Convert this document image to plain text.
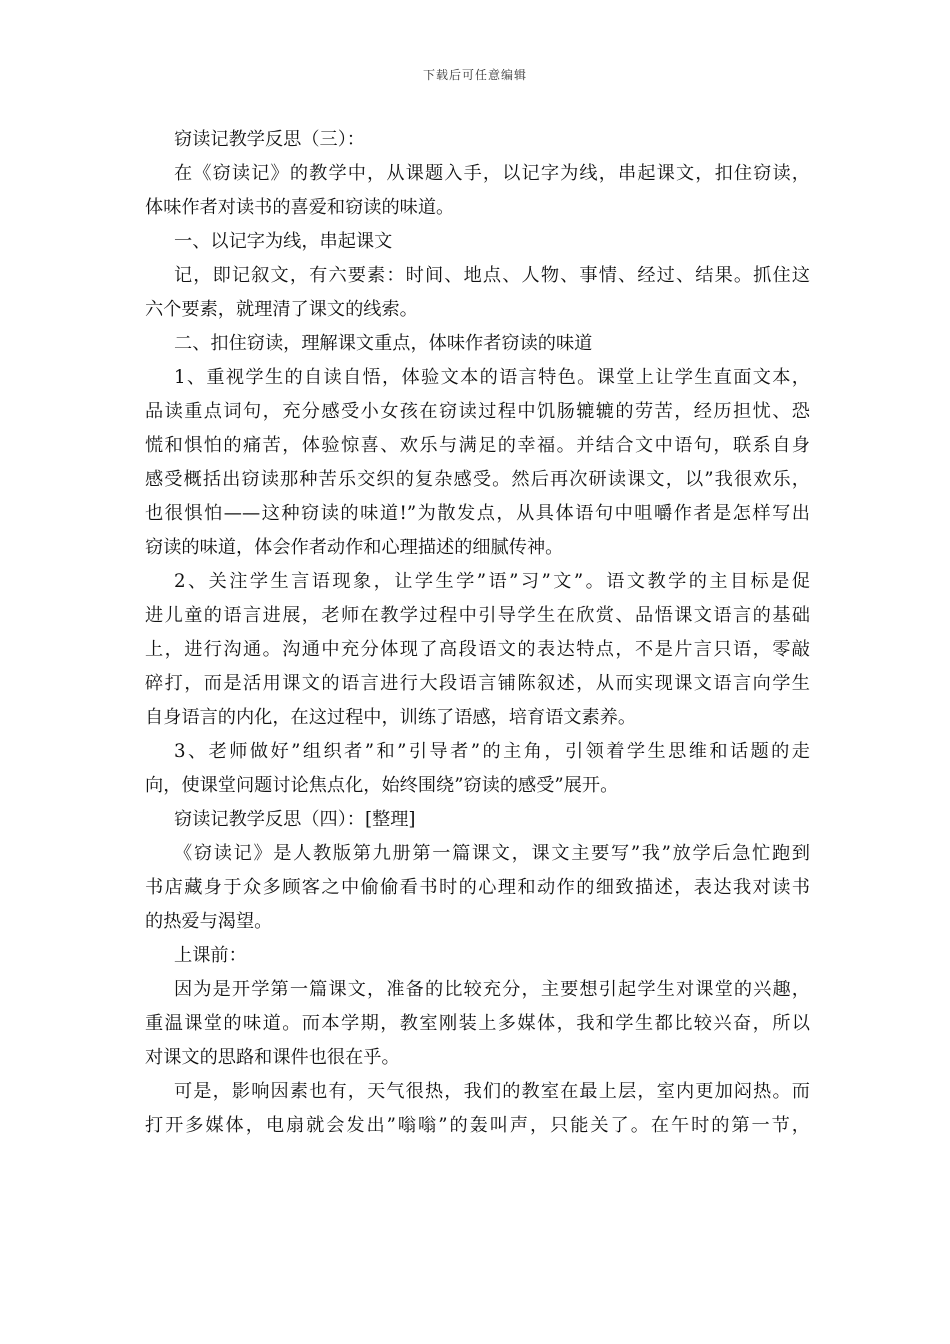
下载后可任意编辑
窃读记教学反思（三）：
在《窃读记》的教学中，从课题入手，以记字为线，串起课文，扣住窃读，
体味作者对读书的喜爱和窃读的味道。
一、以记字为线，串起课文
记，即记叙文，有六要素：时间、地点、人物、事情、经过、结果。抓住这
六个要素，就理清了课文的线索。
二、扣住窃读，理解课文重点，体味作者窃读的味道
1、重视学生的自读自悟，体验文本的语言特色。课堂上让学生直面文本，
品读重点词句，充分感受小女孩在窃读过程中饥肠辘辘的劳苦，经历担忧、恐
慌和惧怕的痛苦，体验惊喜、欢乐与满足的幸福。并结合文中语句，联系自身
感受概括出窃读那种苦乐交织的复杂感受。然后再次研读课文，以”我很欢乐，
也很惧怕——这种窃读的味道!”为散发点，从具体语句中咀嚼作者是怎样写出
窃读的味道，体会作者动作和心理描述的细腻传神。
2、关注学生言语现象，让学生学”语”习”文”。语文教学的主目标是促
进儿童的语言进展，老师在教学过程中引导学生在欣赏、品悟课文语言的基础
上，进行沟通。沟通中充分体现了高段语文的表达特点，不是片言只语，零敲
碎打，而是活用课文的语言进行大段语言铺陈叙述，从而实现课文语言向学生
自身语言的内化，在这过程中，训练了语感，培育语文素养。
3、老师做好”组织者”和”引导者”的主角，引领着学生思维和话题的走
向，使课堂问题讨论焦点化，始终围绕”窃读的感受”展开。
窃读记教学反思（四）：[整理]
《窃读记》是人教版第九册第一篇课文，课文主要写”我”放学后急忙跑到
书店藏身于众多顾客之中偷偷看书时的心理和动作的细致描述，表达我对读书
的热爱与渴望。
上课前：
因为是开学第一篇课文，准备的比较充分，主要想引起学生对课堂的兴趣，
重温课堂的味道。而本学期，教室刚装上多媒体，我和学生都比较兴奋，所以
对课文的思路和课件也很在乎。
可是，影响因素也有，天气很热，我们的教室在最上层，室内更加闷热。而
打开多媒体，电扇就会发出”嗡嗡”的轰叫声，只能关了。在午时的第一节，
